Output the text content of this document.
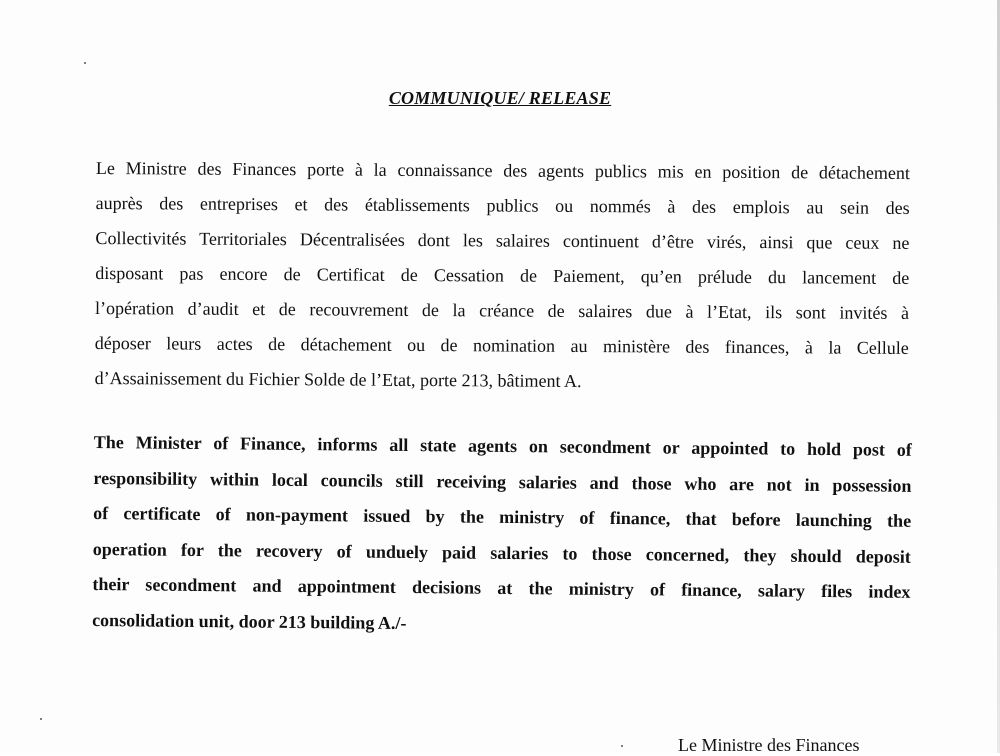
COMMUNIQUE/ RELEASE
Le Ministre des Finances porte à la connaissance des agents publics mis en position de détachement
auprès des entreprises et des établissements publics ou nommés à des emplois au sein des
Collectivités Territoriales Décentralisées dont les salaires continuent d’être virés, ainsi que ceux ne
disposant pas encore de Certificat de Cessation de Paiement, qu’en prélude du lancement de
l’opération d’audit et de recouvrement de la créance de salaires due à l’Etat, ils sont invités à
déposer leurs actes de détachement ou de nomination au ministère des finances, à la Cellule
d’Assainissement du Fichier Solde de l’Etat, porte 213, bâtiment A.
The Minister of Finance, informs all state agents on secondment or appointed to hold post of
responsibility within local councils still receiving salaries and those who are not in possession
of certificate of non-payment issued by the ministry of finance, that before launching the
operation for the recovery of unduely paid salaries to those concerned, they should deposit
their secondment and appointment decisions at the ministry of finance, salary files index
consolidation unit, door 213 building A./-
Le Ministre des Finances
